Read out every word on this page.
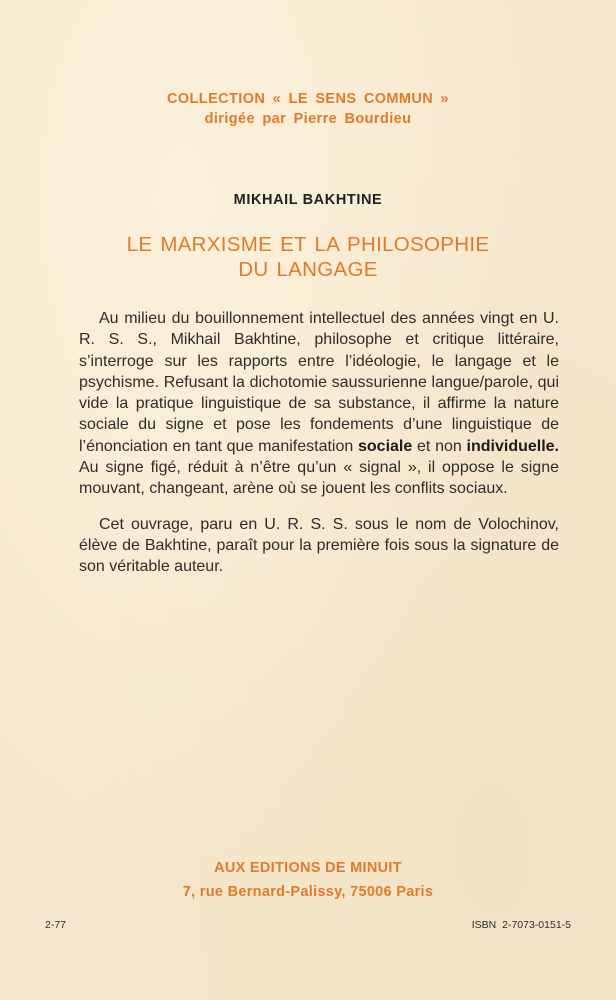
COLLECTION « LE SENS COMMUN »
dirigée par Pierre Bourdieu
MIKHAIL BAKHTINE
LE MARXISME ET LA PHILOSOPHIE
DU LANGAGE

Au milieu du bouillonnement intellectuel des années vingt en U. R. S. S., Mikhail Bakhtine, philosophe et critique littéraire, s’interroge sur les rapports entre l’idéologie, le langage et le psychisme. Refusant la dichotomie saussurienne langue/parole, qui vide la pratique linguistique de sa substance, il affirme la nature sociale du signe et pose les fondements d’une linguistique de l’énonciation en tant que manifestation sociale et non individuelle. Au signe figé, réduit à n’être qu’un « signal », il oppose le signe mouvant, changeant, arène où se jouent les conflits sociaux.

Cet ouvrage, paru en U. R. S. S. sous le nom de Volochinov, élève de Bakhtine, paraît pour la première fois sous la signature de son véritable auteur.

AUX EDITIONS DE MINUIT
7, rue Bernard-Palissy, 75006 Paris
2-77	ISBN 2-7073-0151-5
